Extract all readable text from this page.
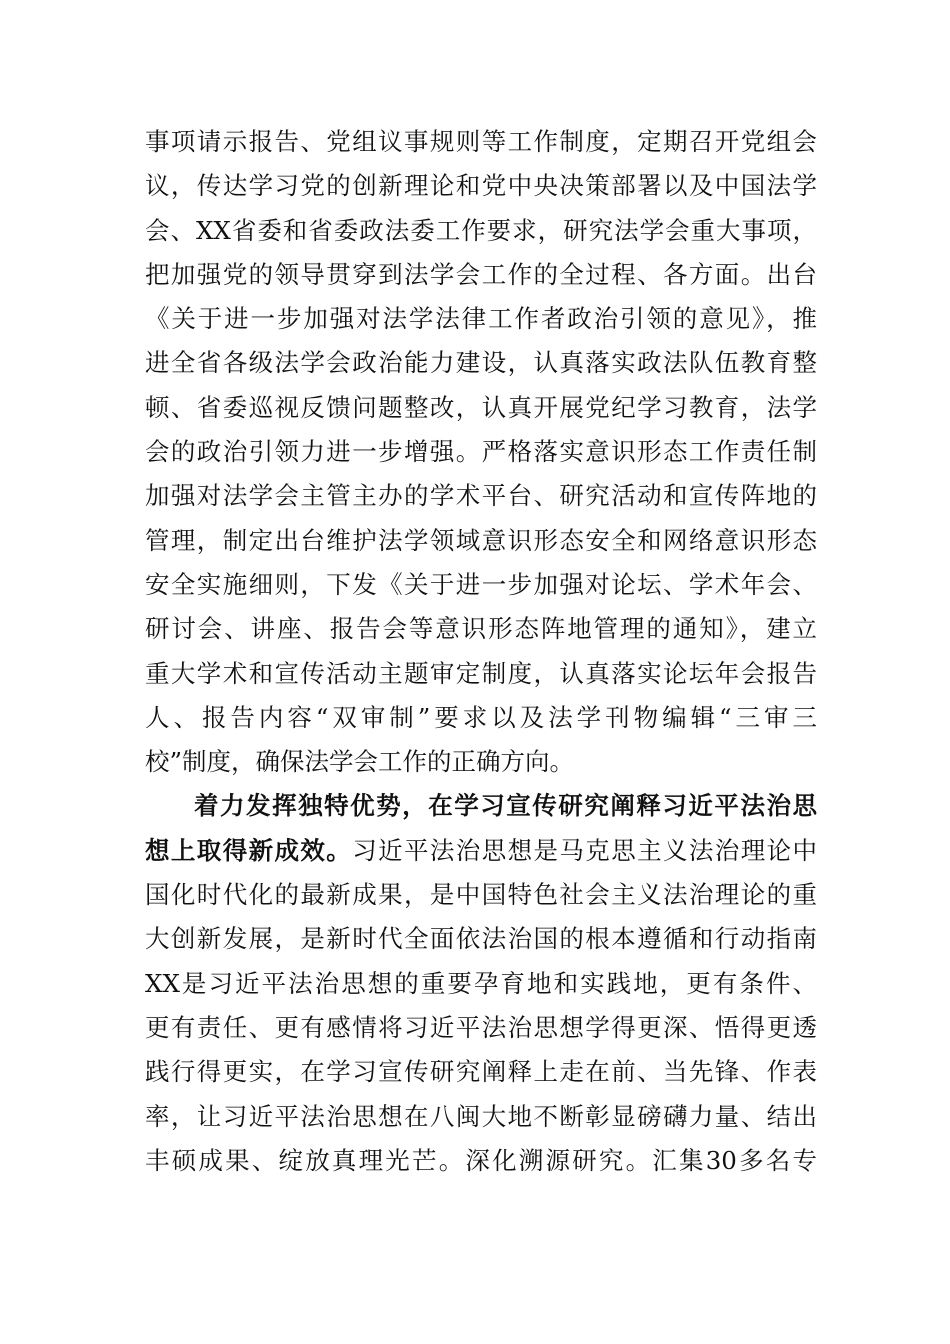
事项请示报告、党组议事规则等工作制度，定期召开党组会
议，传达学习党的创新理论和党中央决策部署以及中国法学
会、XX省委和省委政法委工作要求，研究法学会重大事项，
把加强党的领导贯穿到法学会工作的全过程、各方面。出台
《关于进一步加强对法学法律工作者政治引领的意见》，推
进全省各级法学会政治能力建设，认真落实政法队伍教育整
顿、省委巡视反馈问题整改，认真开展党纪学习教育，法学
会的政治引领力进一步增强。严格落实意识形态工作责任制
加强对法学会主管主办的学术平台、研究活动和宣传阵地的
管理，制定出台维护法学领域意识形态安全和网络意识形态
安全实施细则，下发《关于进一步加强对论坛、学术年会、
研讨会、讲座、报告会等意识形态阵地管理的通知》，建立
重大学术和宣传活动主题审定制度，认真落实论坛年会报告
人、报告内容“双审制”要求以及法学刊物编辑“三审三
校”制度，确保法学会工作的正确方向。
着力发挥独特优势，在学习宣传研究阐释习近平法治思
想上取得新成效。习近平法治思想是马克思主义法治理论中
国化时代化的最新成果，是中国特色社会主义法治理论的重
大创新发展，是新时代全面依法治国的根本遵循和行动指南
XX是习近平法治思想的重要孕育地和实践地，更有条件、
更有责任、更有感情将习近平法治思想学得更深、悟得更透
践行得更实，在学习宣传研究阐释上走在前、当先锋、作表
率，让习近平法治思想在八闽大地不断彰显磅礴力量、结出
丰硕成果、绽放真理光芒。深化溯源研究。汇集30多名专
